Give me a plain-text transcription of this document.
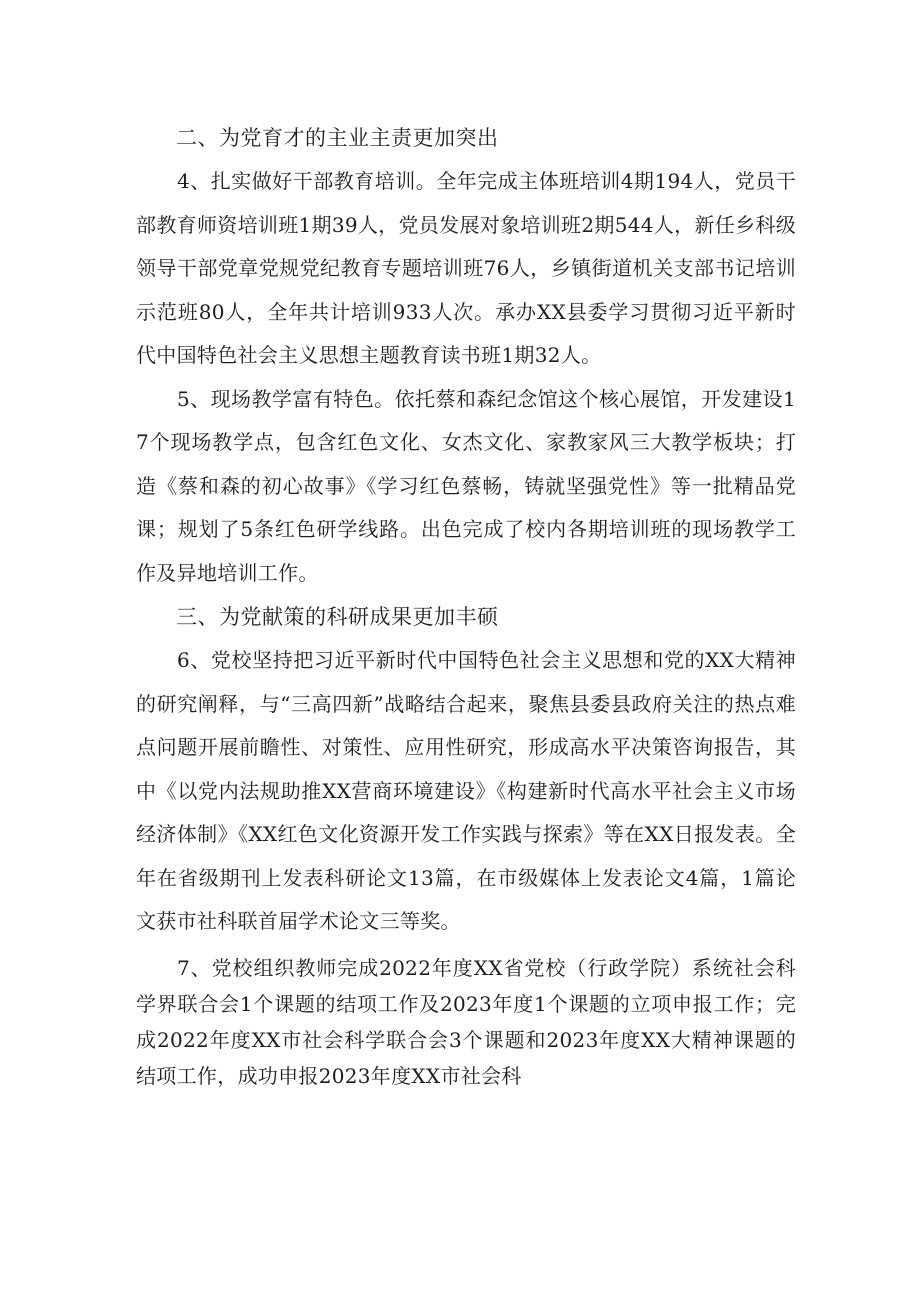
二、为党育才的主业主责更加突出

4、扎实做好干部教育培训。全年完成主体班培训4期194人，党员干部教育师资培训班1期39人，党员发展对象培训班2期544人，新任乡科级领导干部党章党规党纪教育专题培训班76人，乡镇街道机关支部书记培训示范班80人，全年共计培训933人次。承办XX县委学习贯彻习近平新时代中国特色社会主义思想主题教育读书班1期32人。

5、现场教学富有特色。依托蔡和森纪念馆这个核心展馆，开发建设17个现场教学点，包含红色文化、女杰文化、家教家风三大教学板块；打造《蔡和森的初心故事》《学习红色蔡畅，铸就坚强党性》等一批精品党课；规划了5条红色研学线路。出色完成了校内各期培训班的现场教学工作及异地培训工作。

三、为党献策的科研成果更加丰硕

6、党校坚持把习近平新时代中国特色社会主义思想和党的XX大精神的研究阐释，与“三高四新”战略结合起来，聚焦县委县政府关注的热点难点问题开展前瞻性、对策性、应用性研究，形成高水平决策咨询报告，其中《以党内法规助推XX营商环境建设》《构建新时代高水平社会主义市场经济体制》《XX红色文化资源开发工作实践与探索》等在XX日报发表。全年在省级期刊上发表科研论文13篇，在市级媒体上发表论文4篇，1篇论文获市社科联首届学术论文三等奖。

7、党校组织教师完成2022年度XX省党校（行政学院）系统社会科学界联合会1个课题的结项工作及2023年度1个课题的立项申报工作；完成2022年度XX市社会科学联合会3个课题和2023年度XX大精神课题的结项工作，成功申报2023年度XX市社会科
